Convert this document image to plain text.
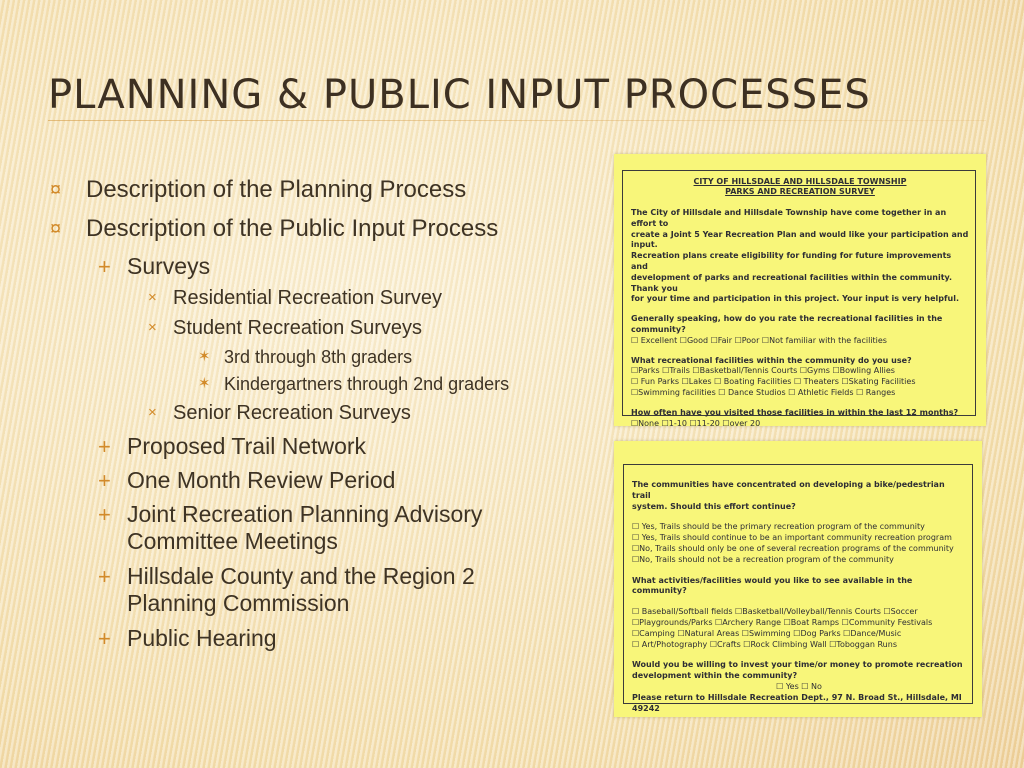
PLANNING & PUBLIC INPUT PROCESSES
¤	Description of the Planning Process
¤	Description of the Public Input Process
+ Surveys
× Residential Recreation Survey
× Student Recreation Surveys
✶ 3rd through 8th graders
✶ Kindergartners through 2nd graders
× Senior Recreation Surveys
+ Proposed Trail Network
+ One Month Review Period
+ Joint Recreation Planning Advisory Committee Meetings
+ Hillsdale County and the Region 2 Planning Commission
+ Public Hearing
CITY OF HILLSDALE AND HILLSDALE TOWNSHIP
PARKS AND RECREATION SURVEY

The City of Hillsdale and Hillsdale Township have come together in an effort to

create a Joint 5 Year Recreation Plan and would like your participation and input.

Recreation plans create eligibility for funding for future improvements and

development of parks and recreational facilities within the community. Thank you

for your time and participation in this project. Your input is very helpful.

Generally speaking, how do you rate the recreational facilities in the community?

☐ Excellent ☐Good ☐Fair ☐Poor ☐Not familiar with the facilities

What recreational facilities within the community do you use?

☐Parks ☐Trails ☐Basketball/Tennis Courts ☐Gyms ☐Bowling Allies

☐ Fun Parks ☐Lakes ☐ Boating Facilities ☐ Theaters ☐Skating Facilities

☐Swimming facilities ☐ Dance Studios ☐ Athletic Fields ☐ Ranges

How often have you visited those facilities in within the last 12 months?

☐None ☐1-10 ☐11-20 ☐over 20

The communities have concentrated on developing a bike/pedestrian trail

system. Should this effort continue?

☐ Yes, Trails should be the primary recreation program of the community

☐ Yes, Trails should continue to be an important community recreation program

☐No, Trails should only be one of several recreation programs of the community

☐No, Trails should not be a recreation program of the community

What activities/facilities would you like to see available in the community?

☐ Baseball/Softball fields ☐Basketball/Volleyball/Tennis Courts ☐Soccer

☐Playgrounds/Parks ☐Archery Range ☐Boat Ramps ☐Community Festivals

☐Camping ☐Natural Areas ☐Swimming ☐Dog Parks ☐Dance/Music

☐ Art/Photography ☐Crafts ☐Rock Climbing Wall ☐Toboggan Runs

Would you be willing to invest your time/or money to promote recreation

development within the community?

☐ Yes ☐ No

Please return to Hillsdale Recreation Dept., 97 N. Broad St., Hillsdale, MI 49242
